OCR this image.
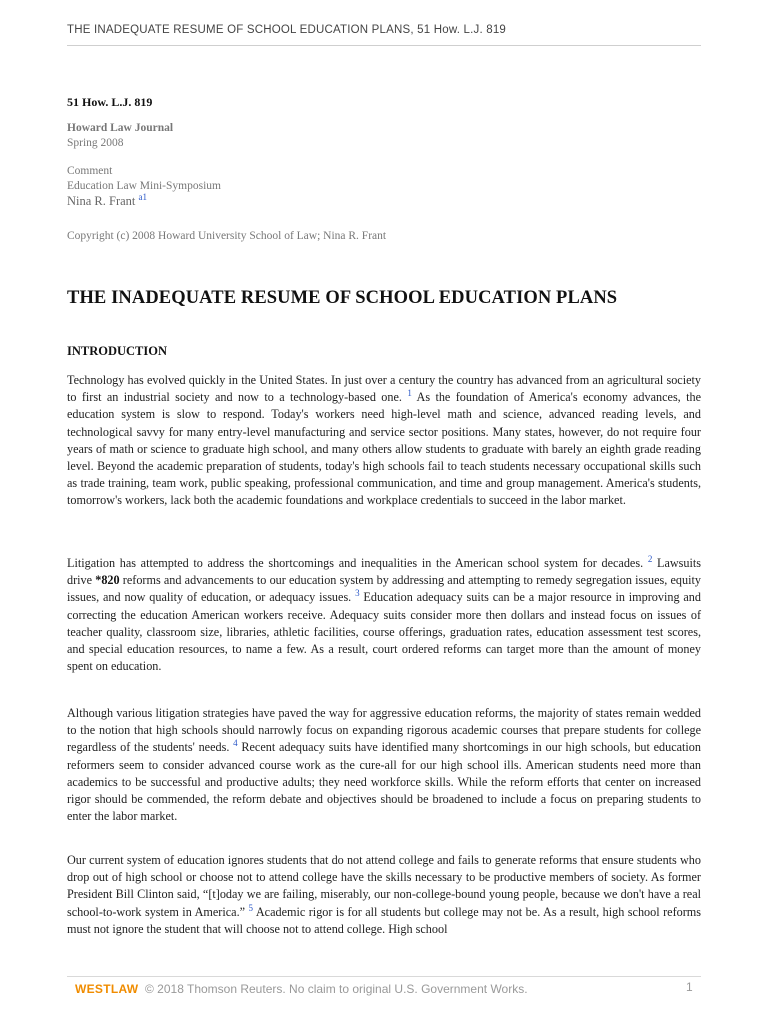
THE INADEQUATE RESUME OF SCHOOL EDUCATION PLANS, 51 How. L.J. 819
51 How. L.J. 819
Howard Law Journal
Spring 2008
Comment
Education Law Mini-Symposium
Nina R. Frant $^{a1}$
Copyright (c) 2008 Howard University School of Law; Nina R. Frant
THE INADEQUATE RESUME OF SCHOOL EDUCATION PLANS
INTRODUCTION

Technology has evolved quickly in the United States. In just over a century the country has advanced from an agricultural society to first an industrial society and now to a technology-based one. $^1$ As the foundation of America's economy advances, the education system is slow to respond. Today's workers need high-level math and science, advanced reading levels, and technological savvy for many entry-level manufacturing and service sector positions. Many states, however, do not require four years of math or science to graduate high school, and many others allow students to graduate with barely an eighth grade reading level. Beyond the academic preparation of students, today's high schools fail to teach students necessary occupational skills such as trade training, team work, public speaking, professional communication, and time and group management. America's students, tomorrow's workers, lack both the academic foundations and workplace credentials to succeed in the labor market.

Litigation has attempted to address the shortcomings and inequalities in the American school system for decades. $^2$ Lawsuits drive *820 reforms and advancements to our education system by addressing and attempting to remedy segregation issues, equity issues, and now quality of education, or adequacy issues. $^3$ Education adequacy suits can be a major resource in improving and correcting the education American workers receive. Adequacy suits consider more then dollars and instead focus on issues of teacher quality, classroom size, libraries, athletic facilities, course offerings, graduation rates, education assessment test scores, and special education resources, to name a few. As a result, court ordered reforms can target more than the amount of money spent on education.

Although various litigation strategies have paved the way for aggressive education reforms, the majority of states remain wedded to the notion that high schools should narrowly focus on expanding rigorous academic courses that prepare students for college regardless of the students' needs. $^4$ Recent adequacy suits have identified many shortcomings in our high schools, but education reformers seem to consider advanced course work as the cure-all for our high school ills. American students need more than academics to be successful and productive adults; they need workforce skills. While the reform efforts that center on increased rigor should be commended, the reform debate and objectives should be broadened to include a focus on preparing students to enter the labor market.

Our current system of education ignores students that do not attend college and fails to generate reforms that ensure students who drop out of high school or choose not to attend college have the skills necessary to be productive members of society. As former President Bill Clinton said, “[t]oday we are failing, miserably, our non-college-bound young people, because we don't have a real school-to-work system in America.” $^5$ Academic rigor is for all students but college may not be. As a result, high school reforms must not ignore the student that will choose not to attend college. High school

WESTLAW © 2018 Thomson Reuters. No claim to original U.S. Government Works.	1
